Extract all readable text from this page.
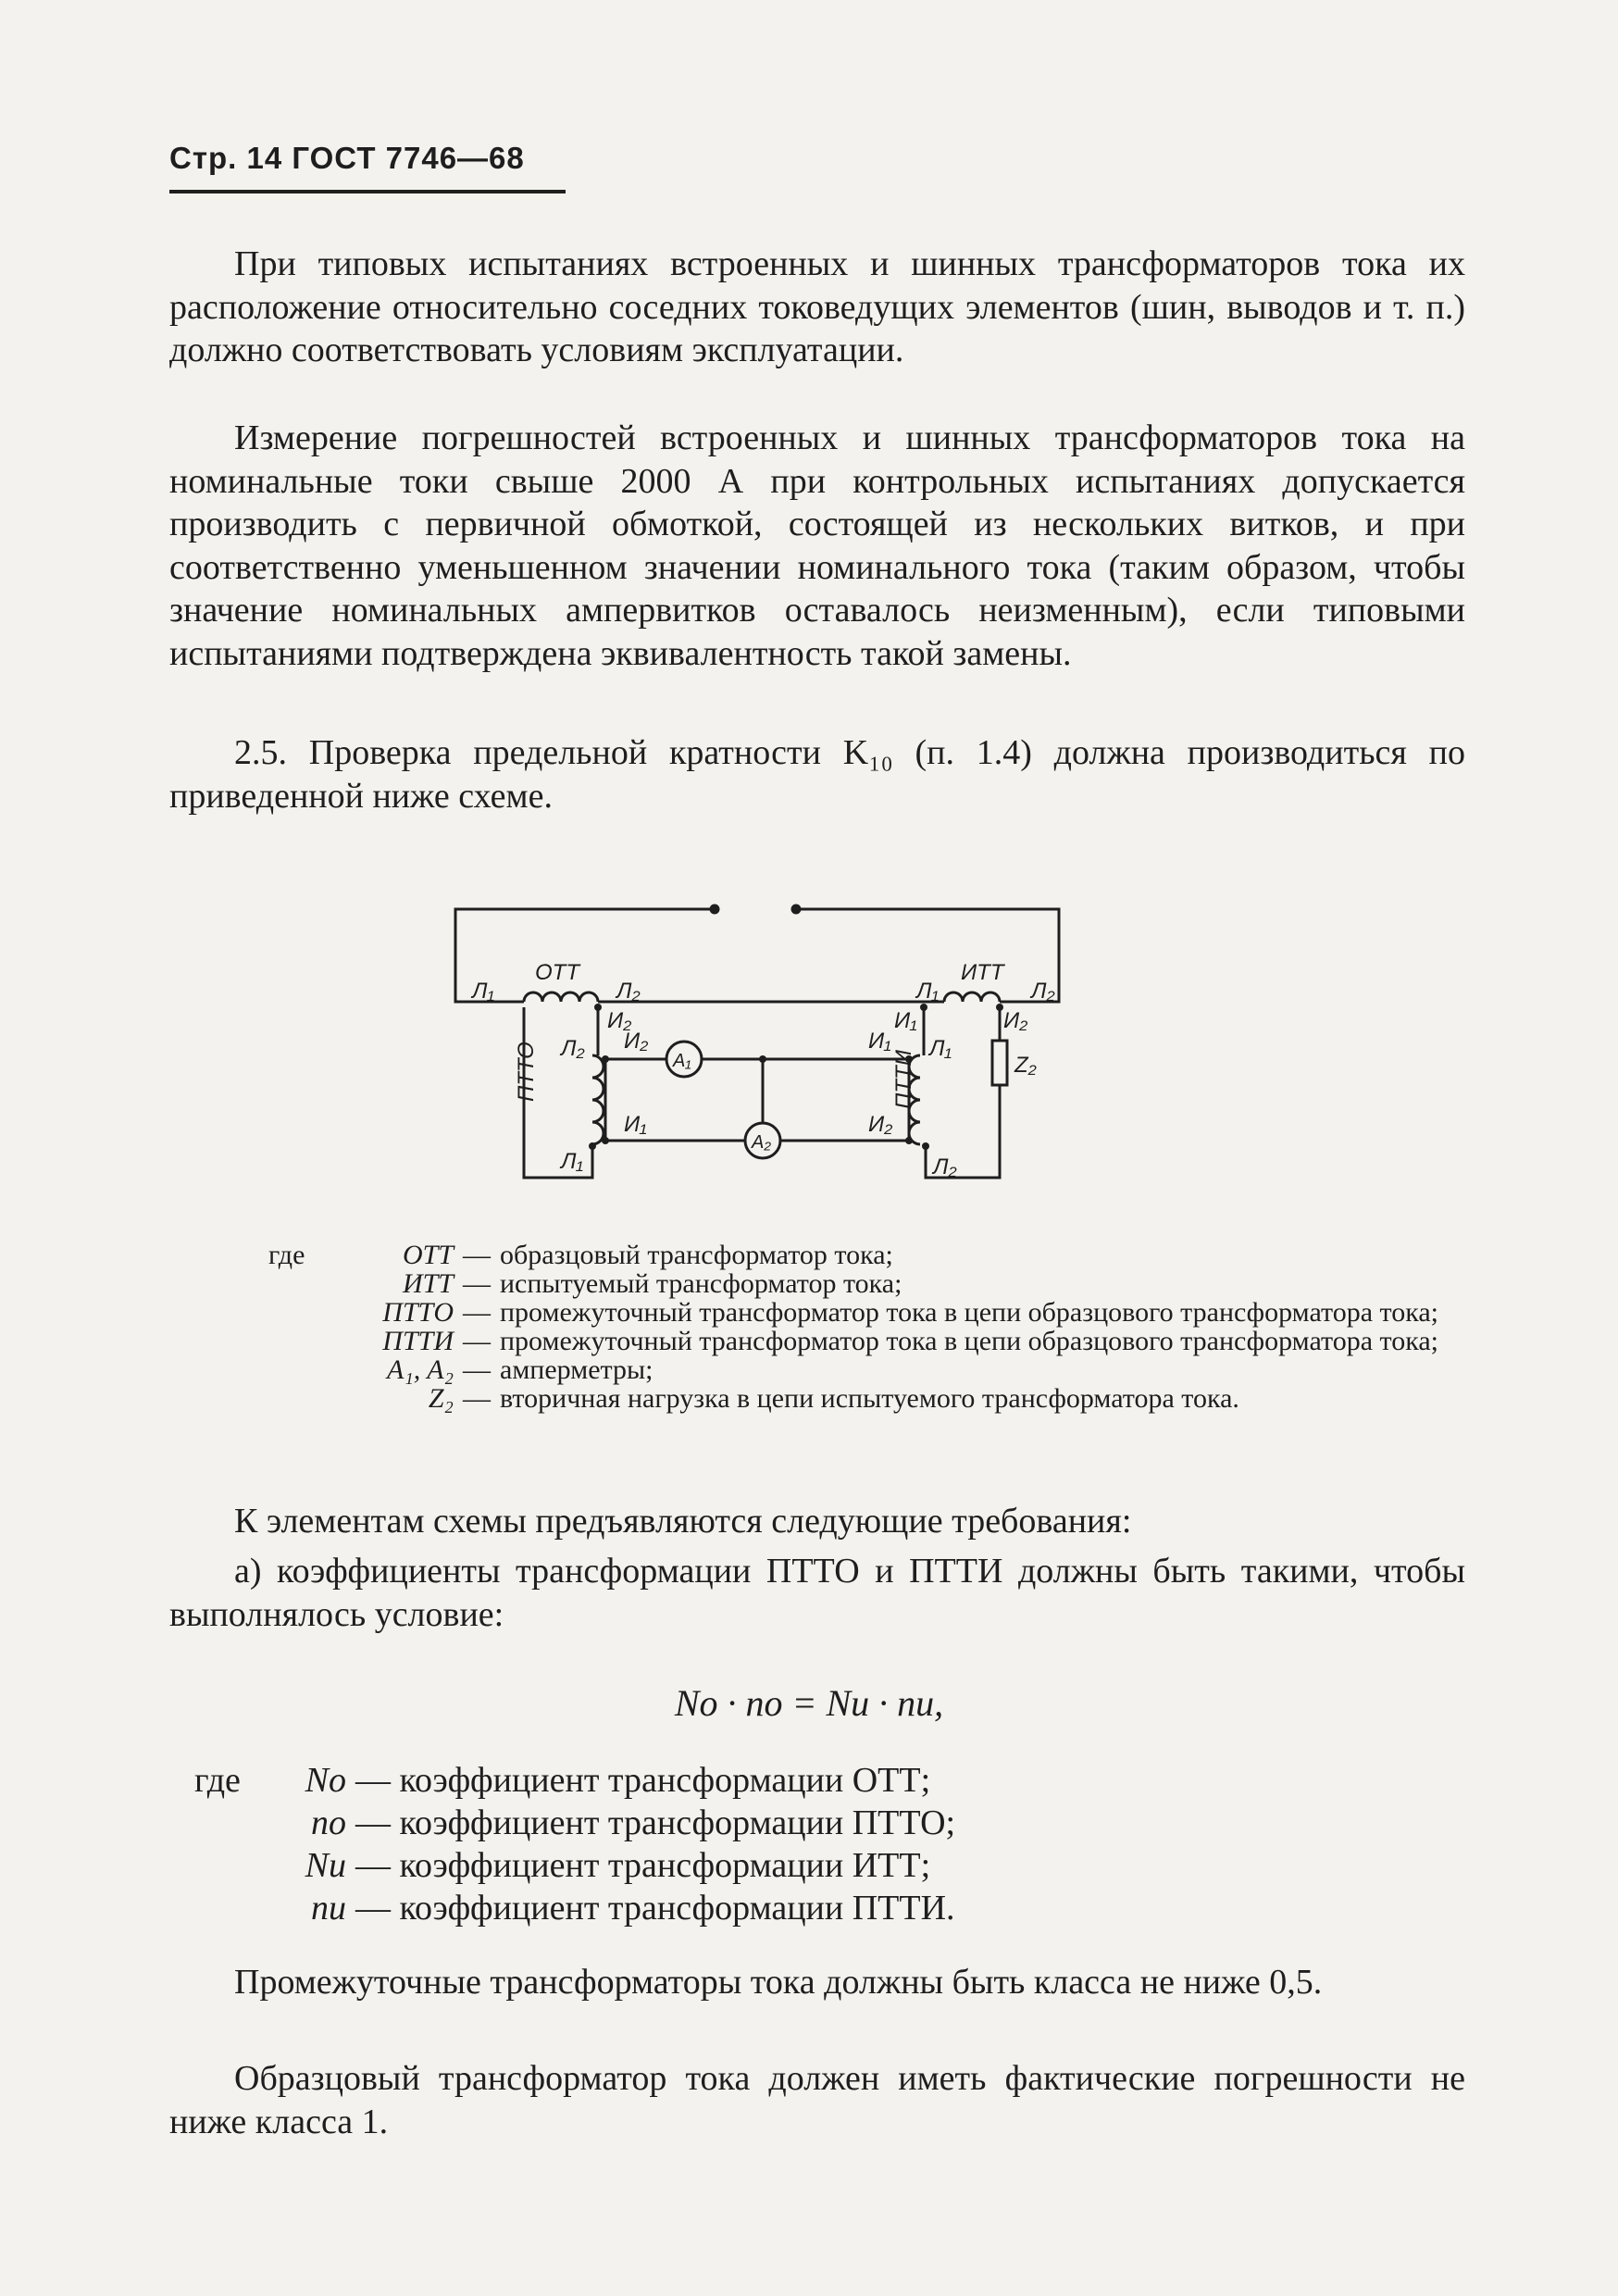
Стр. 14 ГОСТ 7746—68

При типовых испытаниях встроенных и шинных трансформаторов тока их расположение относительно соседних токоведущих элементов (шин, выводов и т. п.) должно соответствовать условиям эксплуатации.

Измерение погрешностей встроенных и шинных трансформаторов тока на номинальные токи свыше 2000 А при контрольных испытаниях допускается производить с первичной обмоткой, состоящей из нескольких витков, и при соответственно уменьшенном значении номинального тока (таким образом, чтобы значение номинальных ампервитков оставалось неизменным), если типовыми испытаниями подтверждена эквивалентность такой замены.

2.5. Проверка предельной кратности K₁₀ (п. 1.4) должна производиться по приведенной ниже схеме.

Л₁
ОТТ
Л₂
И₂
Л₂ И₂
И₁
Л₁
ПТТО	A₁
A₂
И₁
И₂
Л₁
ИТТ
Л₂
И₁	И₂
Л₁
Л₂
ПТТИ	Z₂
где	ОТТ — образцовый трансформатор тока;
ИТТ — испытуемый трансформатор тока;
ПТТО — промежуточный трансформатор тока в цепи образцового трансформатора тока;
ПТТИ — промежуточный трансформатор тока в цепи образцового трансформатора тока;
A₁, A₂ — амперметры;
Z₂ — вторичная нагрузка в цепи испытуемого трансформатора тока.

К элементам схемы предъявляются следующие требования:

а) коэффициенты трансформации ПТТО и ПТТИ должны быть такими, чтобы выполнялось условие:

Nо · nо = Nи · nи,
где	Nо — коэффициент трансформации ОТТ;
nо — коэффициент трансформации ПТТО;
Nи — коэффициент трансформации ИТТ;
nи — коэффициент трансформации ПТТИ.

Промежуточные трансформаторы тока должны быть класса не ниже 0,5.

Образцовый трансформатор тока должен иметь фактические погрешности не ниже класса 1.
